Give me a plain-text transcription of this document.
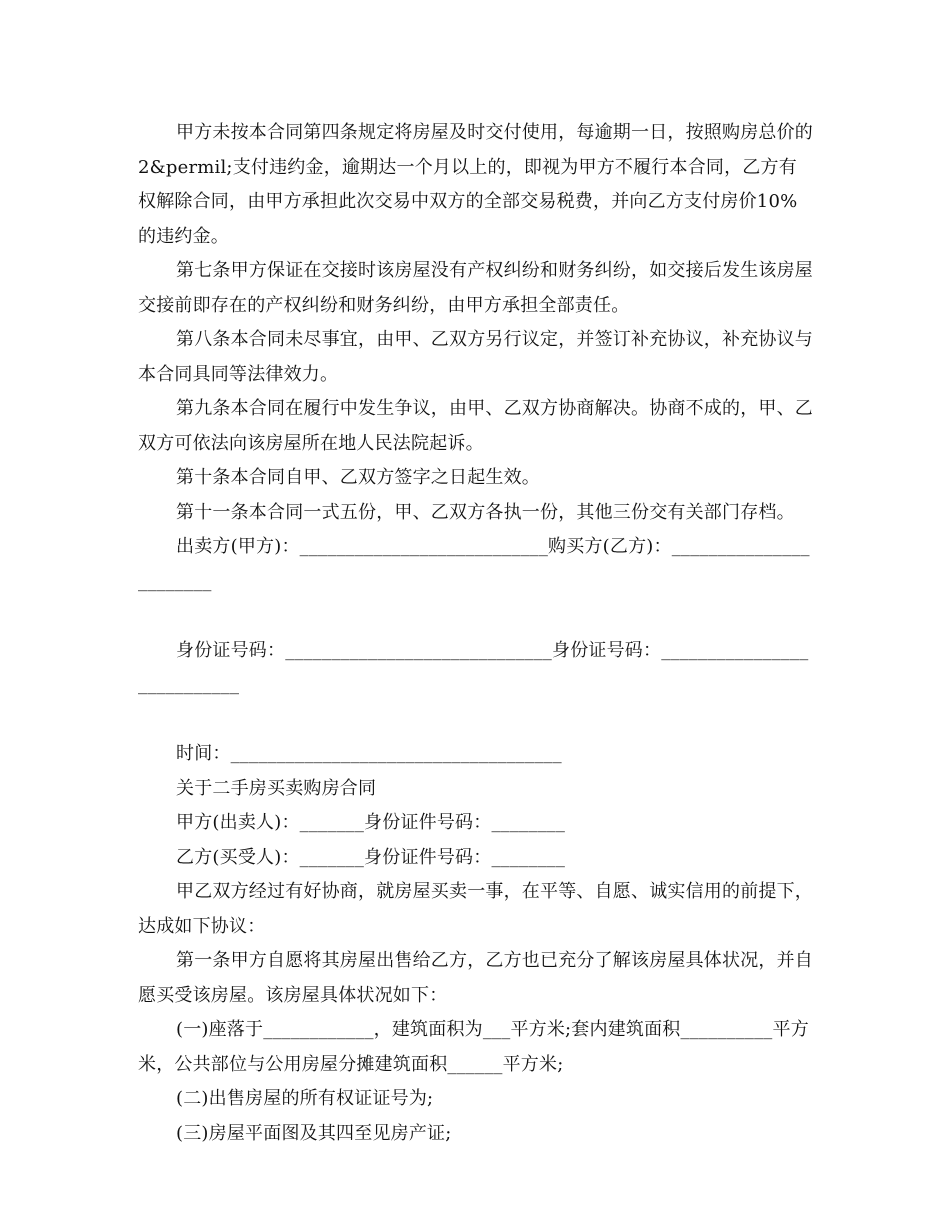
甲方未按本合同第四条规定将房屋及时交付使用，每逾期一日，按照购房总价的 2&permil;支付违约金，逾期达一个月以上的，即视为甲方不履行本合同，乙方有权解除合同，由甲方承担此次交易中双方的全部交易税费，并向乙方支付房价10%的违约金。

第七条甲方保证在交接时该房屋没有产权纠纷和财务纠纷，如交接后发生该房屋交接前即存在的产权纠纷和财务纠纷，由甲方承担全部责任。

第八条本合同未尽事宜，由甲、乙双方另行议定，并签订补充协议，补充协议与本合同具同等法律效力。

第九条本合同在履行中发生争议，由甲、乙双方协商解决。协商不成的，甲、乙双方可依法向该房屋所在地人民法院起诉。

第十条本合同自甲、乙双方签字之日起生效。

第十一条本合同一式五份，甲、乙双方各执一份，其他三份交有关部门存档。

出卖方(甲方)：___________________________购买方(乙方)：_______________________

身份证号码：_____________________________身份证号码：___________________________

时间：____________________________________

关于二手房买卖购房合同

甲方(出卖人)：_______身份证件号码：________

乙方(买受人)：_______身份证件号码：________

甲乙双方经过有好协商，就房屋买卖一事，在平等、自愿、诚实信用的前提下，达成如下协议：

第一条甲方自愿将其房屋出售给乙方，乙方也已充分了解该房屋具体状况，并自愿买受该房屋。该房屋具体状况如下：

(一)座落于____________，建筑面积为___平方米;套内建筑面积__________平方米，公共部位与公用房屋分摊建筑面积______平方米;

(二)出售房屋的所有权证证号为;

(三)房屋平面图及其四至见房产证;
